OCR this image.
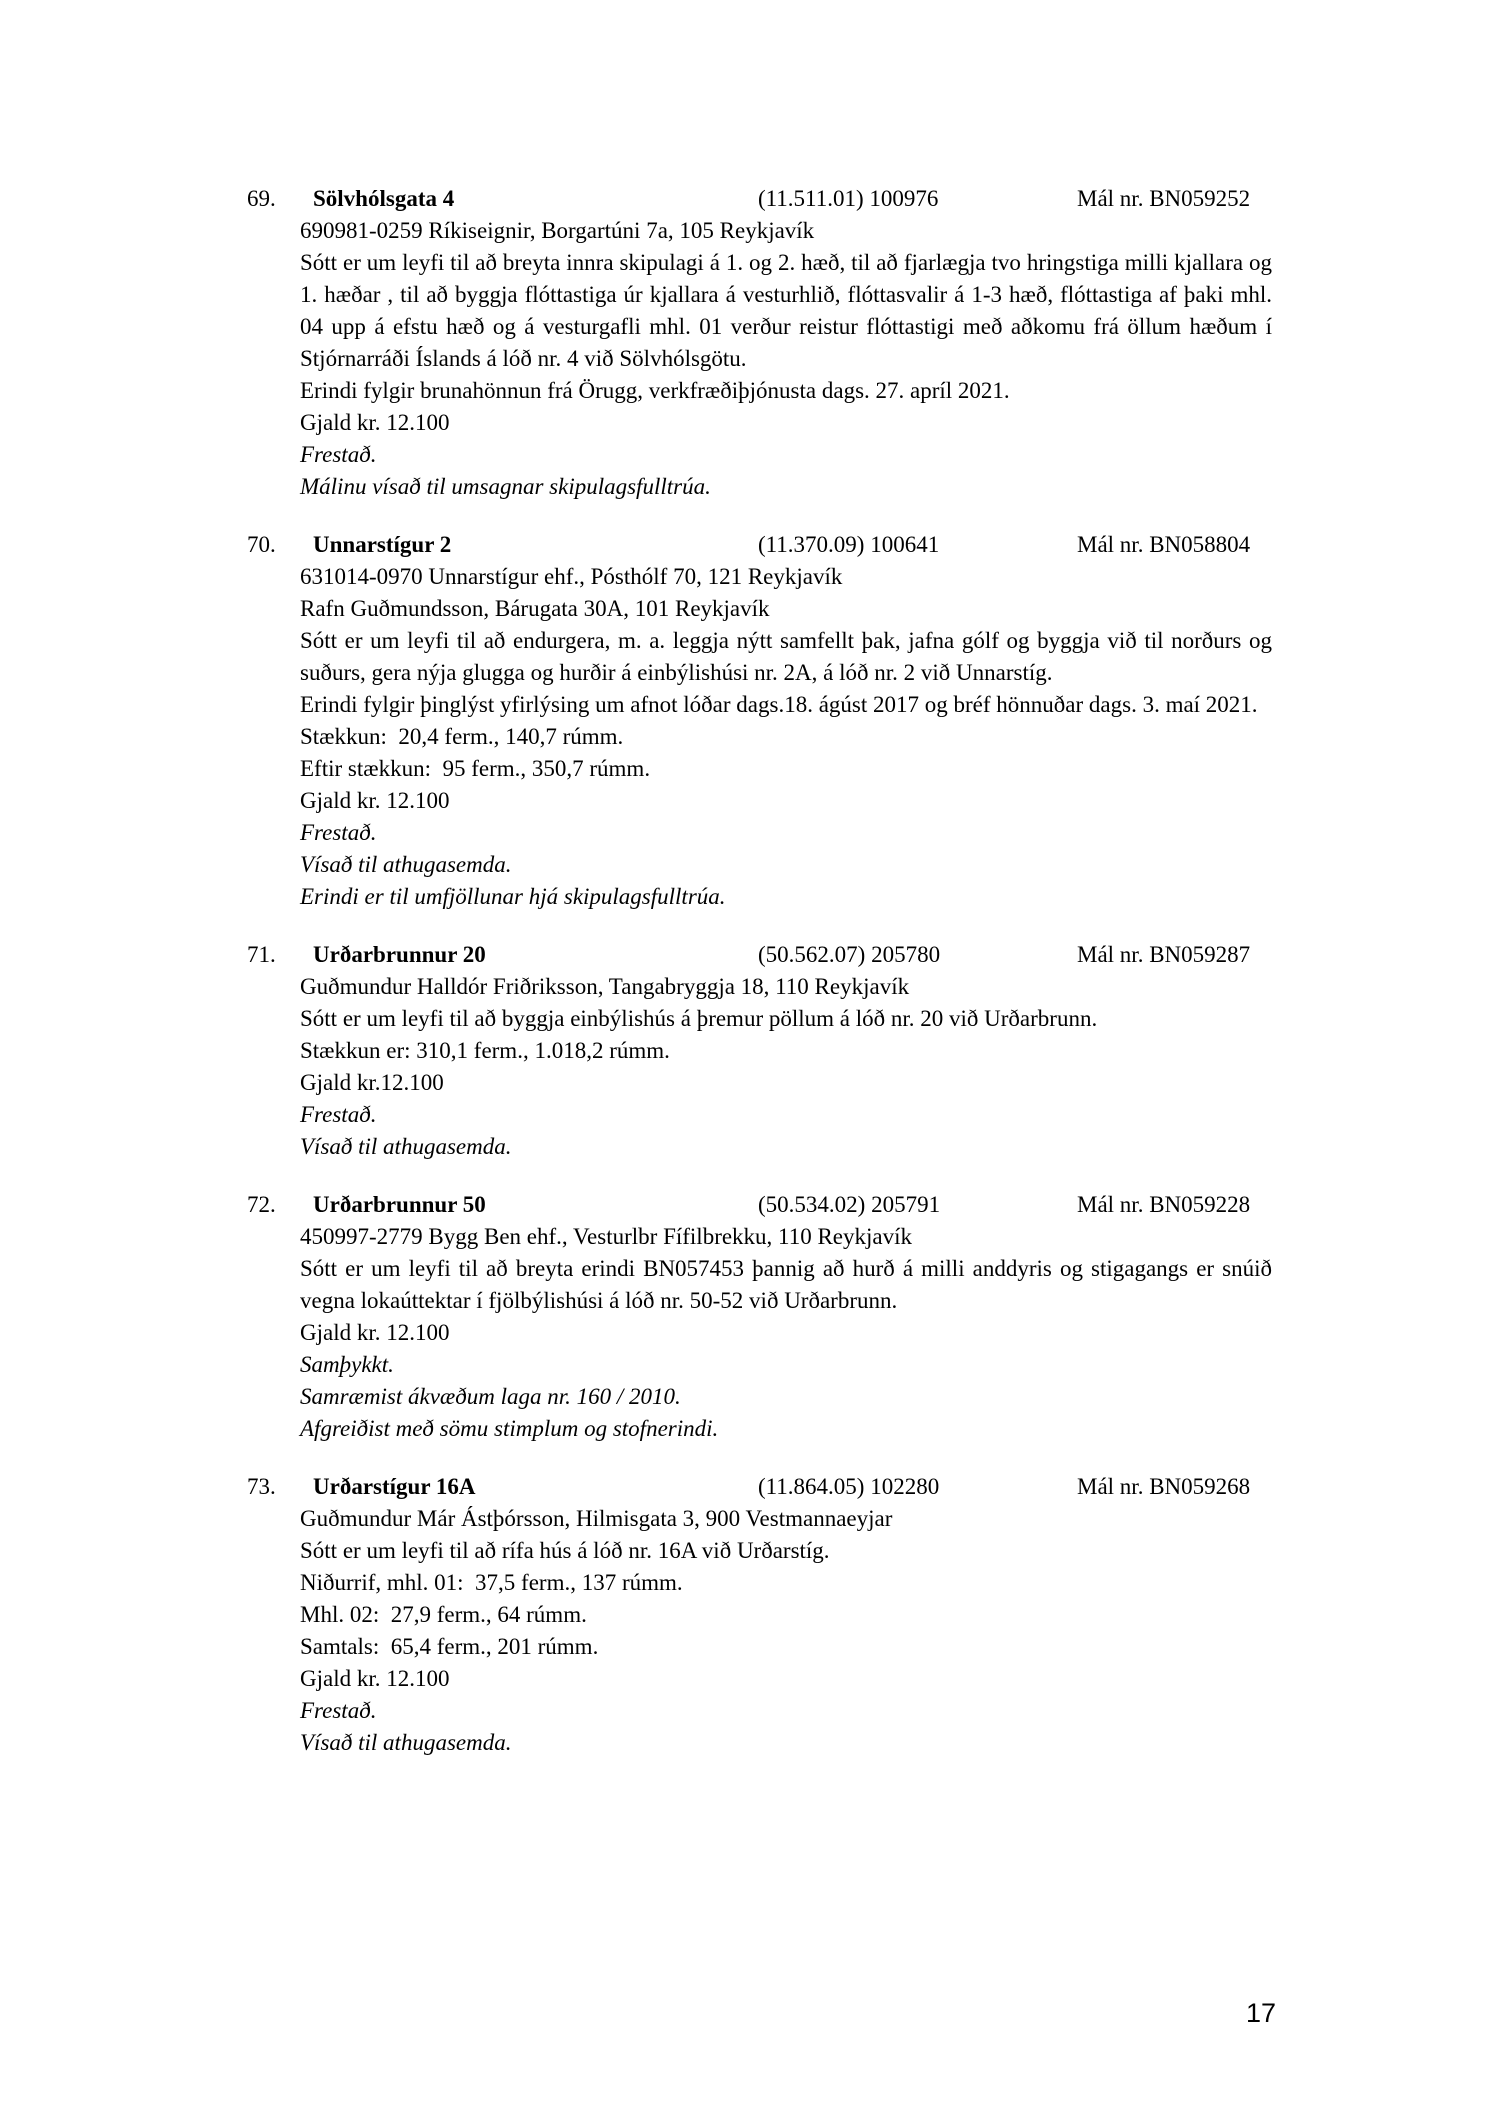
69. Sölvhólsgata 4	(11.511.01) 100976	Mál nr. BN059252

690981-0259 Ríkiseignir, Borgartúni 7a, 105 Reykjavík

Sótt er um leyfi til að breyta innra skipulagi á 1. og 2. hæð, til að fjarlægja tvo hringstiga milli kjallara og 1. hæðar , til að byggja flóttastiga úr kjallara á vesturhlið, flóttasvalir á 1-3 hæð, flóttastiga af þaki mhl. 04 upp á efstu hæð og á vesturgafli mhl. 01 verður reistur flóttastigi með aðkomu frá öllum hæðum í Stjórnarráði Íslands á lóð nr. 4 við Sölvhólsgötu.

Erindi fylgir brunahönnun frá Örugg, verkfræðiþjónusta dags. 27. apríl 2021.

Gjald kr. 12.100

Frestað.

Málinu vísað til umsagnar skipulagsfulltrúa.

70. Unnarstígur 2	(11.370.09) 100641	Mál nr. BN058804

631014-0970 Unnarstígur ehf., Pósthólf 70, 121 Reykjavík

Rafn Guðmundsson, Bárugata 30A, 101 Reykjavík

Sótt er um leyfi til að endurgera, m. a. leggja nýtt samfellt þak, jafna gólf og byggja við til norðurs og suðurs, gera nýja glugga og hurðir á einbýlishúsi nr. 2A, á lóð nr. 2 við Unnarstíg.

Erindi fylgir þinglýst yfirlýsing um afnot lóðar dags.18. ágúst 2017 og bréf hönnuðar dags. 3. maí 2021.

Stækkun:  20,4 ferm., 140,7 rúmm.

Eftir stækkun:  95 ferm., 350,7 rúmm.

Gjald kr. 12.100

Frestað.

Vísað til athugasemda.

Erindi er til umfjöllunar hjá skipulagsfulltrúa.

71. Urðarbrunnur 20	(50.562.07) 205780	Mál nr. BN059287

Guðmundur Halldór Friðriksson, Tangabryggja 18, 110 Reykjavík

Sótt er um leyfi til að byggja einbýlishús á þremur pöllum á lóð nr. 20 við Urðarbrunn.

Stækkun er: 310,1 ferm., 1.018,2 rúmm.

Gjald kr.12.100

Frestað.

Vísað til athugasemda.

72. Urðarbrunnur 50	(50.534.02) 205791	Mál nr. BN059228

450997-2779 Bygg Ben ehf., Vesturlbr Fífilbrekku, 110 Reykjavík

Sótt er um leyfi til að breyta erindi BN057453 þannig að hurð á milli anddyris og stigagangs er snúið vegna lokaúttektar í fjölbýlishúsi á lóð nr. 50-52 við Urðarbrunn.

Gjald kr. 12.100

Samþykkt.

Samræmist ákvæðum laga nr. 160 / 2010.

Afgreiðist með sömu stimplum og stofnerindi.

73. Urðarstígur 16A	(11.864.05) 102280	Mál nr. BN059268

Guðmundur Már Ástþórsson, Hilmisgata 3, 900 Vestmannaeyjar

Sótt er um leyfi til að rífa hús á lóð nr. 16A við Urðarstíg.

Niðurrif, mhl. 01:  37,5 ferm., 137 rúmm.

Mhl. 02:  27,9 ferm., 64 rúmm.

Samtals:  65,4 ferm., 201 rúmm.

Gjald kr. 12.100

Frestað.

Vísað til athugasemda.

17
